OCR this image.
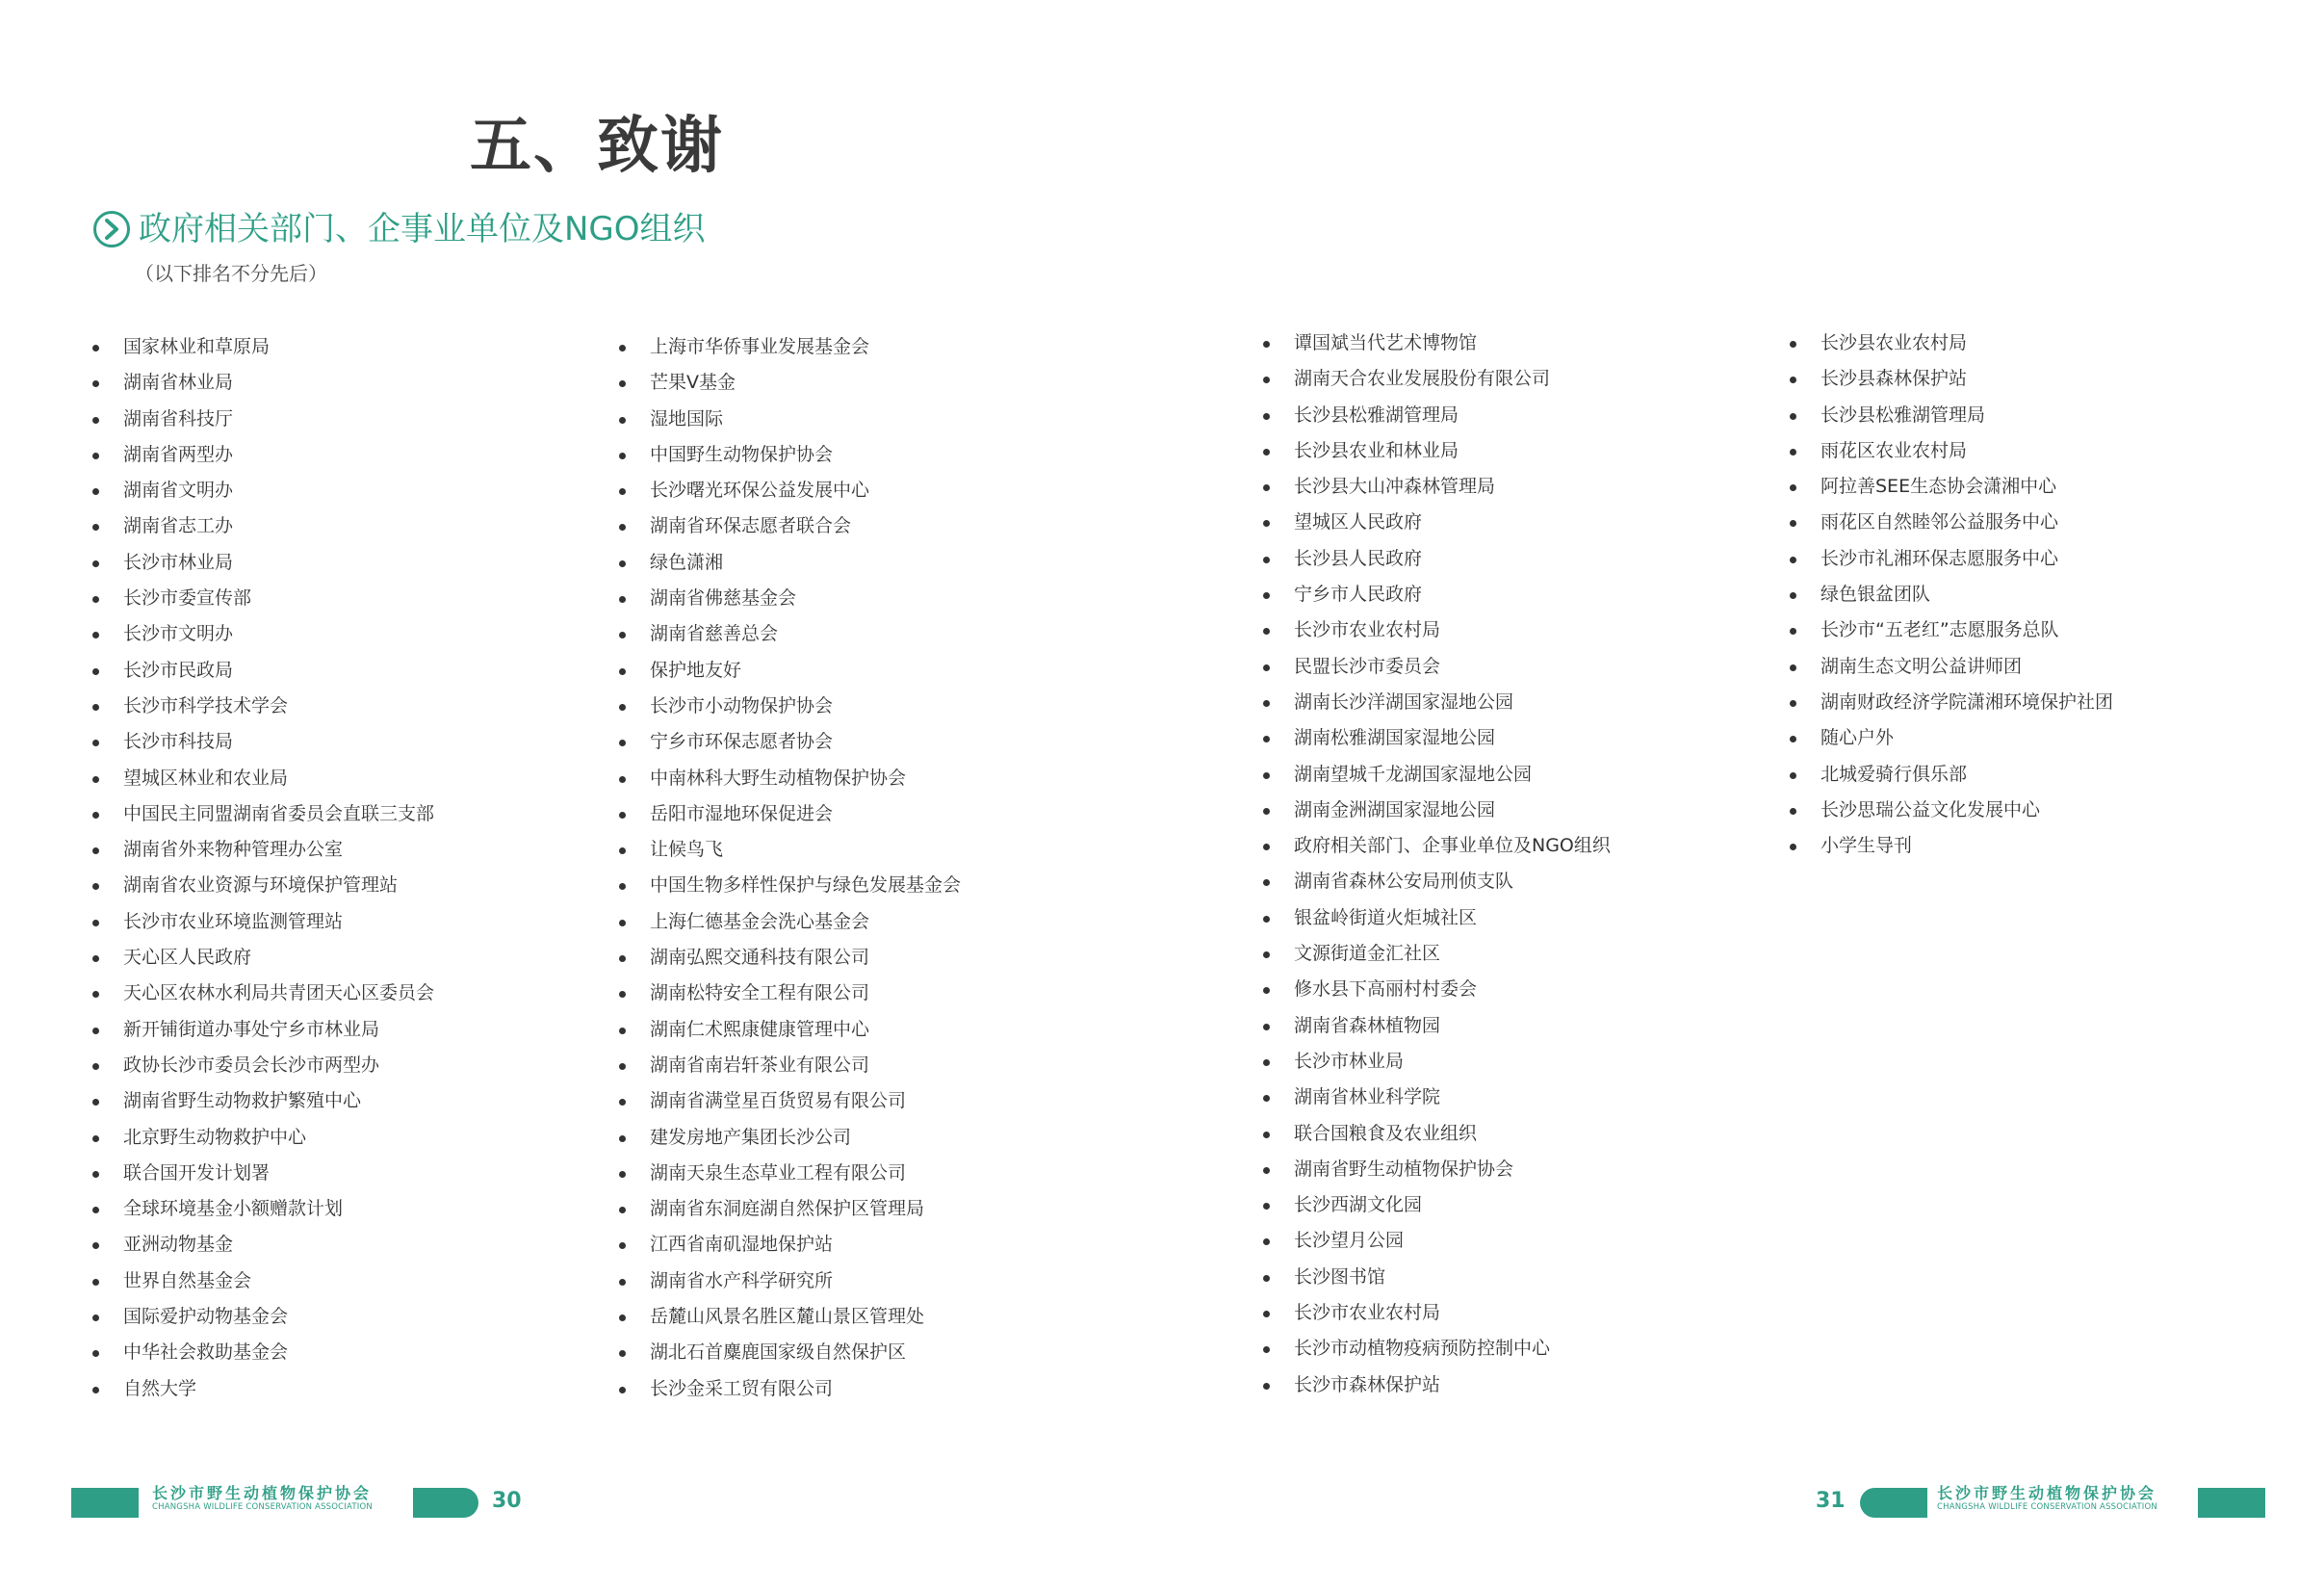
五、致谢
政府相关部门、企事业单位及NGO组织
（以下排名不分先后）
国家林业和草原局
湖南省林业局
湖南省科技厅
湖南省两型办
湖南省文明办
湖南省志工办
长沙市林业局
长沙市委宣传部
长沙市文明办
长沙市民政局
长沙市科学技术学会
长沙市科技局
望城区林业和农业局
中国民主同盟湖南省委员会直联三支部
湖南省外来物种管理办公室
湖南省农业资源与环境保护管理站
长沙市农业环境监测管理站
天心区人民政府
天心区农林水利局共青团天心区委员会
新开铺街道办事处宁乡市林业局
政协长沙市委员会长沙市两型办
湖南省野生动物救护繁殖中心
北京野生动物救护中心
联合国开发计划署
全球环境基金小额赠款计划
亚洲动物基金
世界自然基金会
国际爱护动物基金会
中华社会救助基金会
自然大学
上海市华侨事业发展基金会
芒果V基金
湿地国际
中国野生动物保护协会
长沙曙光环保公益发展中心
湖南省环保志愿者联合会
绿色潇湘
湖南省佛慈基金会
湖南省慈善总会
保护地友好
长沙市小动物保护协会
宁乡市环保志愿者协会
中南林科大野生动植物保护协会
岳阳市湿地环保促进会
让候鸟飞
中国生物多样性保护与绿色发展基金会
上海仁德基金会洗心基金会
湖南弘熙交通科技有限公司
湖南松特安全工程有限公司
湖南仁术熙康健康管理中心
湖南省南岩轩茶业有限公司
湖南省满堂星百货贸易有限公司
建发房地产集团长沙公司
湖南天泉生态草业工程有限公司
湖南省东洞庭湖自然保护区管理局
江西省南矶湿地保护站
湖南省水产科学研究所
岳麓山风景名胜区麓山景区管理处
湖北石首麋鹿国家级自然保护区
长沙金采工贸有限公司
谭国斌当代艺术博物馆
湖南天合农业发展股份有限公司
长沙县松雅湖管理局
长沙县农业和林业局
长沙县大山冲森林管理局
望城区人民政府
长沙县人民政府
宁乡市人民政府
长沙市农业农村局
民盟长沙市委员会
湖南长沙洋湖国家湿地公园
湖南松雅湖国家湿地公园
湖南望城千龙湖国家湿地公园
湖南金洲湖国家湿地公园
政府相关部门、企事业单位及NGO组织
湖南省森林公安局刑侦支队
银盆岭街道火炬城社区
文源街道金汇社区
修水县下高丽村村委会
湖南省森林植物园
长沙市林业局
湖南省林业科学院
联合国粮食及农业组织
湖南省野生动植物保护协会
长沙西湖文化园
长沙望月公园
长沙图书馆
长沙市农业农村局
长沙市动植物疫病预防控制中心
长沙市森林保护站
长沙县农业农村局
长沙县森林保护站
长沙县松雅湖管理局
雨花区农业农村局
阿拉善SEE生态协会潇湘中心
雨花区自然睦邻公益服务中心
长沙市礼湘环保志愿服务中心
绿色银盆团队
长沙市“五老红”志愿服务总队
湖南生态文明公益讲师团
湖南财政经济学院潇湘环境保护社团
随心户外
北城爱骑行俱乐部
长沙思瑞公益文化发展中心
小学生导刊
长沙市野生动植物保护协会
CHANGSHA WILDLIFE CONSERVATION ASSOCIATION	30	31	长沙市野生动植物保护协会
CHANGSHA WILDLIFE CONSERVATION ASSOCIATION
